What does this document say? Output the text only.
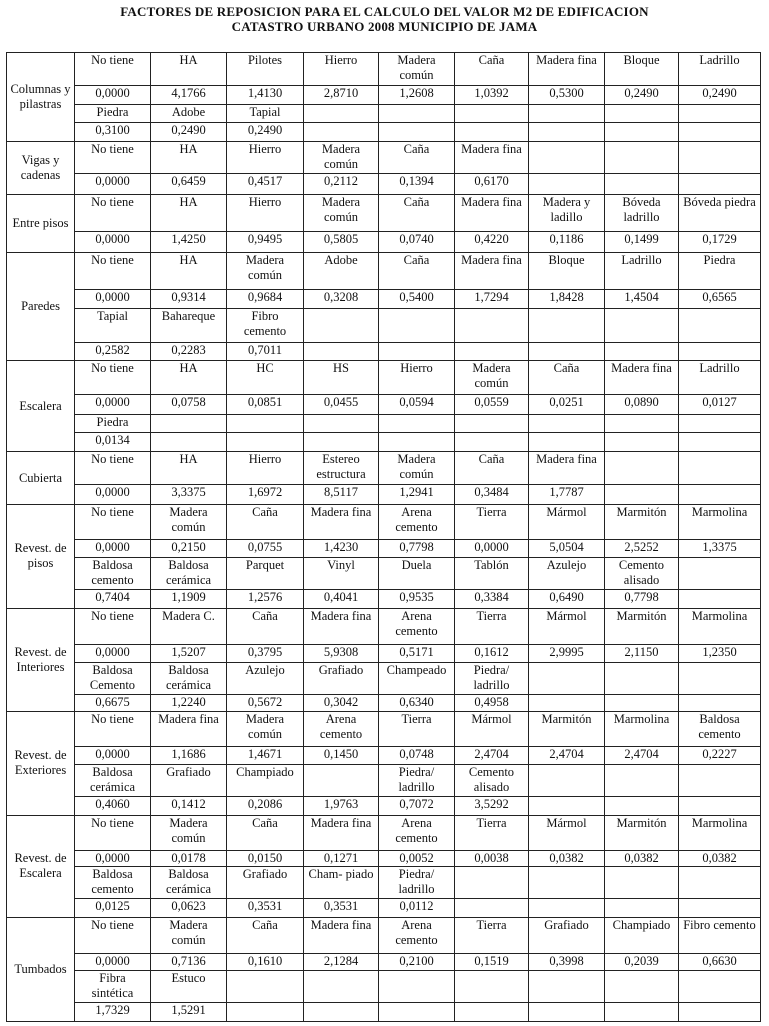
FACTORES DE REPOSICION PARA EL CALCULO DEL VALOR M2 DE EDIFICACION
CATASTRO URBANO 2008 MUNICIPIO DE JAMA
Columnas y pilastras	No tiene	HA	Pilotes	Hierro	Madera común	Caña	Madera fina	Bloque	Ladrillo
	0,0000	4,1766	1,4130	2,8710	1,2608	1,0392	0,5300	0,2490	0,2490
	Piedra	Adobe	Tapial						
	0,3100	0,2490	0,2490						
Vigas y cadenas	No tiene	HA	Hierro	Madera común	Caña	Madera fina			
	0,0000	0,6459	0,4517	0,2112	0,1394	0,6170			
Entre pisos	No tiene	HA	Hierro	Madera común	Caña	Madera fina	Madera y ladillo	Bóveda ladrillo	Bóveda piedra
	0,0000	1,4250	0,9495	0,5805	0,0740	0,4220	0,1186	0,1499	0,1729
Paredes	No tiene	HA	Madera común	Adobe	Caña	Madera fina	Bloque	Ladrillo	Piedra
	0,0000	0,9314	0,9684	0,3208	0,5400	1,7294	1,8428	1,4504	0,6565
	Tapial	Bahareque	Fibro cemento						
	0,2582	0,2283	0,7011						
Escalera	No tiene	HA	HC	HS	Hierro	Madera común	Caña	Madera fina	Ladrillo
	0,0000	0,0758	0,0851	0,0455	0,0594	0,0559	0,0251	0,0890	0,0127
	Piedra								
	0,0134								
Cubierta	No tiene	HA	Hierro	Estereo estructura	Madera común	Caña	Madera fina		
	0,0000	3,3375	1,6972	8,5117	1,2941	0,3484	1,7787		
Revest. de pisos	No tiene	Madera común	Caña	Madera fina	Arena cemento	Tierra	Mármol	Marmitón	Marmolina
	0,0000	0,2150	0,0755	1,4230	0,7798	0,0000	5,0504	2,5252	1,3375
	Baldosa cemento	Baldosa cerámica	Parquet	Vinyl	Duela	Tablón	Azulejo	Cemento alisado	
	0,7404	1,1909	1,2576	0,4041	0,9535	0,3384	0,6490	0,7798	
Revest. de Interiores	No tiene	Madera C.	Caña	Madera fina	Arena cemento	Tierra	Mármol	Marmitón	Marmolina
	0,0000	1,5207	0,3795	5,9308	0,5171	0,1612	2,9995	2,1150	1,2350
	Baldosa Cemento	Baldosa cerámica	Azulejo	Grafiado	Champeado	Piedra/ ladrillo			
	0,6675	1,2240	0,5672	0,3042	0,6340	0,4958			
Revest. de Exteriores	No tiene	Madera fina	Madera común	Arena cemento	Tierra	Mármol	Marmitón	Marmolina	Baldosa cemento
	0,0000	1,1686	1,4671	0,1450	0,0748	2,4704	2,4704	2,4704	0,2227
	Baldosa cerámica	Grafiado	Champiado		Piedra/ ladrillo	Cemento alisado			
	0,4060	0,1412	0,2086	1,9763	0,7072	3,5292			
Revest. de Escalera	No tiene	Madera común	Caña	Madera fina	Arena cemento	Tierra	Mármol	Marmitón	Marmolina
	0,0000	0,0178	0,0150	0,1271	0,0052	0,0038	0,0382	0,0382	0,0382
	Baldosa cemento	Baldosa cerámica	Grafiado	Cham- piado	Piedra/ ladrillo				
	0,0125	0,0623	0,3531	0,3531	0,0112				
Tumbados	No tiene	Madera común	Caña	Madera fina	Arena cemento	Tierra	Grafiado	Champiado	Fibro cemento
	0,0000	0,7136	0,1610	2,1284	0,2100	0,1519	0,3998	0,2039	0,6630
	Fibra sintética	Estuco							
	1,7329	1,5291							
